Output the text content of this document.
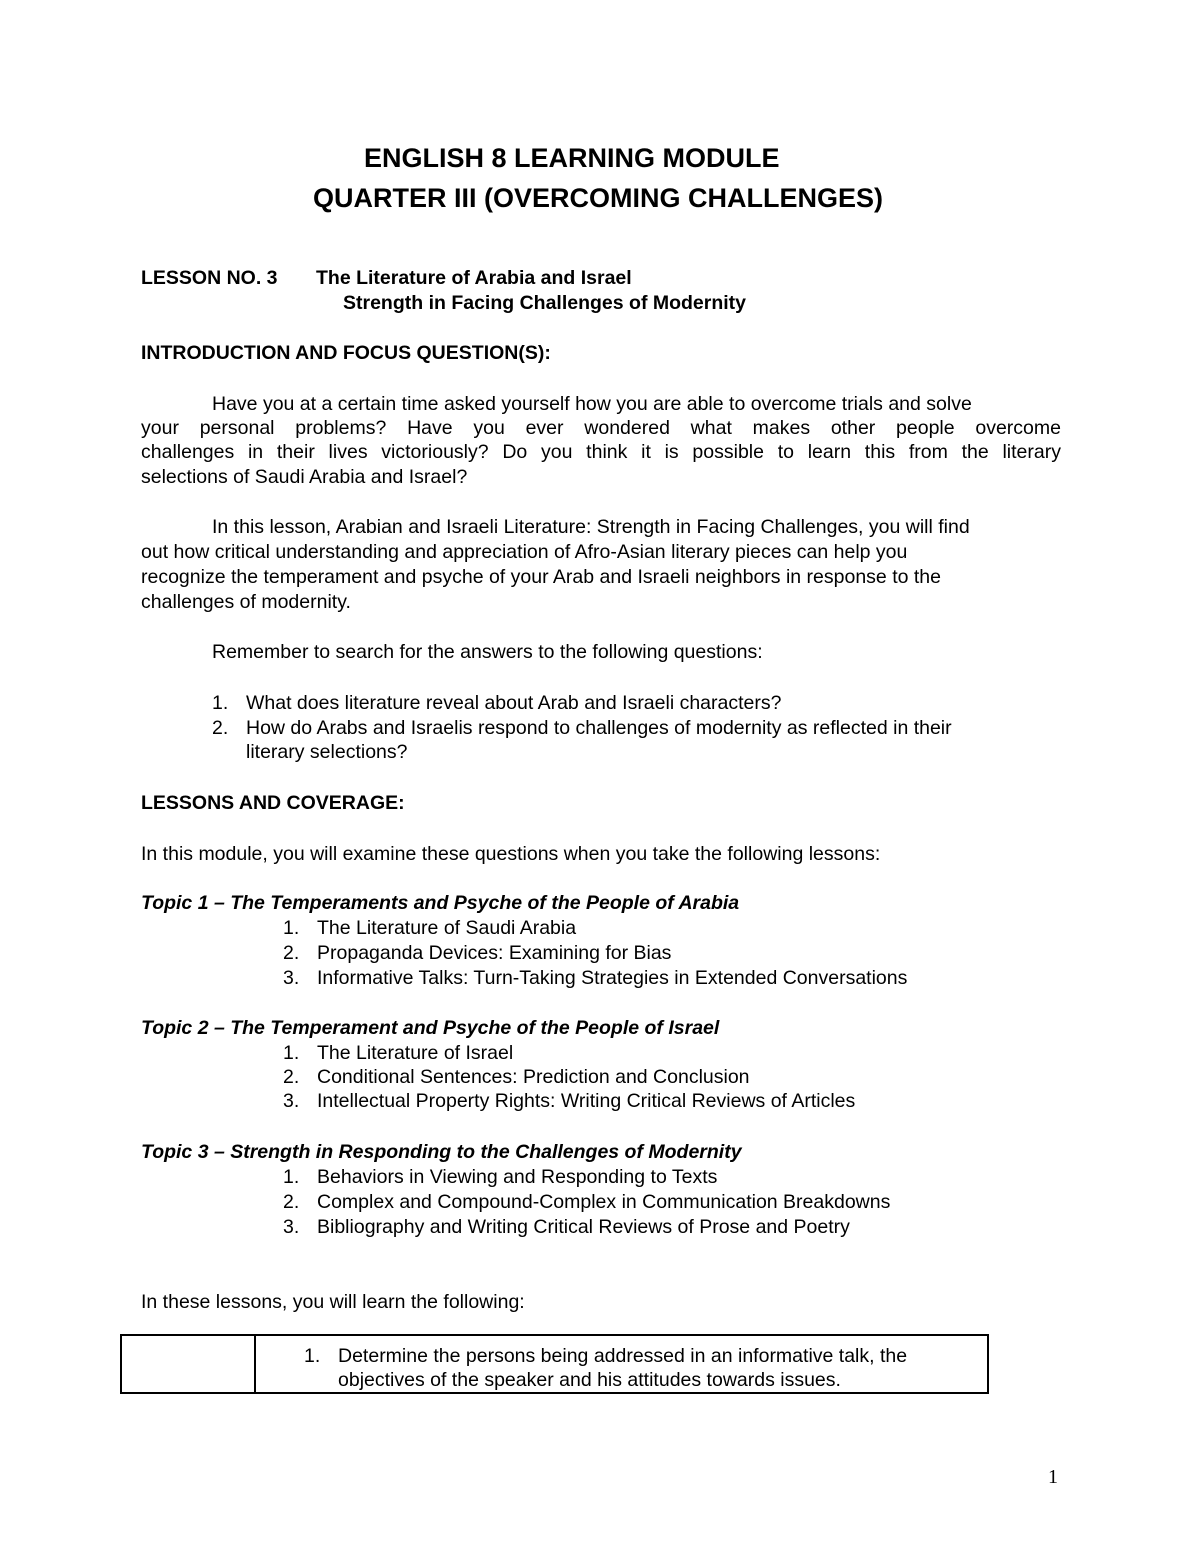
ENGLISH 8 LEARNING MODULE
QUARTER III (OVERCOMING CHALLENGES)
LESSON NO. 3 The Literature of Arabia and Israel
Strength in Facing Challenges of Modernity
INTRODUCTION AND FOCUS QUESTION(S):
Have you at a certain time asked yourself how you are able to overcome trials and solve
your personal problems? Have you ever wondered what makes other people overcome
challenges in their lives victoriously? Do you think it is possible to learn this from the literary
selections of Saudi Arabia and Israel?
In this lesson, Arabian and Israeli Literature: Strength in Facing Challenges, you will find
out how critical understanding and appreciation of Afro-Asian literary pieces can help you
recognize the temperament and psyche of your Arab and Israeli neighbors in response to the
challenges of modernity.
Remember to search for the answers to the following questions:
1. What does literature reveal about Arab and Israeli characters?
2. How do Arabs and Israelis respond to challenges of modernity as reflected in their
literary selections?
LESSONS AND COVERAGE:
In this module, you will examine these questions when you take the following lessons:
Topic 1 – The Temperaments and Psyche of the People of Arabia
1. The Literature of Saudi Arabia
2. Propaganda Devices: Examining for Bias
3. Informative Talks: Turn-Taking Strategies in Extended Conversations
Topic 2 – The Temperament and Psyche of the People of Israel
1. The Literature of Israel
2. Conditional Sentences: Prediction and Conclusion
3. Intellectual Property Rights: Writing Critical Reviews of Articles
Topic 3 – Strength in Responding to the Challenges of Modernity
1. Behaviors in Viewing and Responding to Texts
2. Complex and Compound-Complex in Communication Breakdowns
3. Bibliography and Writing Critical Reviews of Prose and Poetry
In these lessons, you will learn the following:

1. Determine the persons being addressed in an informative talk, the
objectives of the speaker and his attitudes towards issues.
1
